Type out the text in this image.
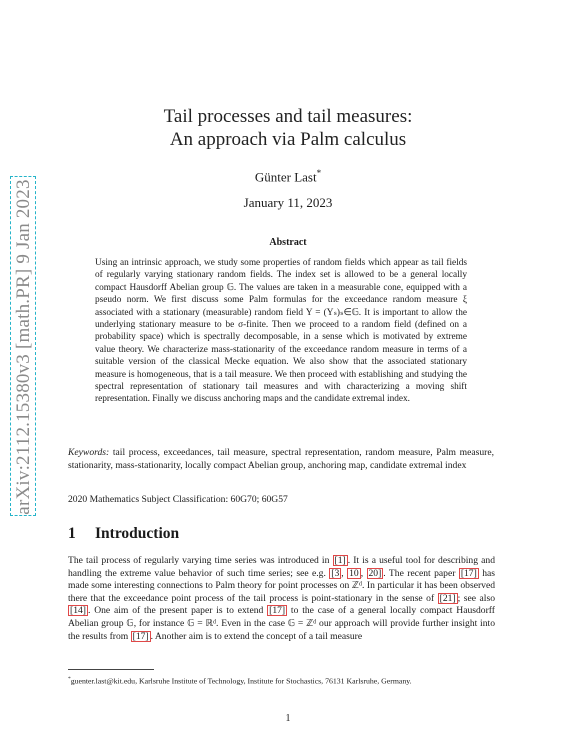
arXiv:2112.15380v3 [math.PR] 9 Jan 2023
Tail processes and tail measures:
An approach via Palm calculus
Günter Last*
January 11, 2023
Abstract
Using an intrinsic approach, we study some properties of random fields which appear as tail fields of regularly varying stationary random fields. The index set is allowed to be a general locally compact Hausdorff Abelian group 𝔾. The values are taken in a measurable cone, equipped with a pseudo norm. We first discuss some Palm formulas for the exceedance random measure ξ associated with a stationary (measurable) random field Y = (Yₛ)ₛ∈𝔾. It is important to allow the underlying stationary measure to be σ-finite. Then we proceed to a random field (defined on a probability space) which is spectrally decomposable, in a sense which is motivated by extreme value theory. We characterize mass-stationarity of the exceedance random measure in terms of a suitable version of the classical Mecke equation. We also show that the associated stationary measure is homogeneous, that is a tail measure. We then proceed with establishing and studying the spectral representation of stationary tail measures and with characterizing a moving shift representation. Finally we discuss anchoring maps and the candidate extremal index.
Keywords: tail process, exceedances, tail measure, spectral representation, random measure, Palm measure, stationarity, mass-stationarity, locally compact Abelian group, anchoring map, candidate extremal index
2020 Mathematics Subject Classification: 60G70; 60G57
1 Introduction
The tail process of regularly varying time series was introduced in [1] . It is a useful tool for describing and handling the extreme value behavior of such time series; see e.g. [3 , 10 , 20] . The recent paper [17] has made some interesting connections to Palm theory for point processes on ℤᵈ. In particular it has been observed there that the exceedance point process of the tail process is point-stationary in the sense of [21] ; see also [14] . One aim of the present paper is to extend [17] to the case of a general locally compact Hausdorff Abelian group 𝔾, for instance 𝔾 = ℝᵈ. Even in the case 𝔾 = ℤᵈ our approach will provide further insight into the results from [17] . Another aim is to extend the concept of a tail measure
*guenter.last@kit.edu, Karlsruhe Institute of Technology, Institute for Stochastics, 76131 Karlsruhe, Germany.
1
